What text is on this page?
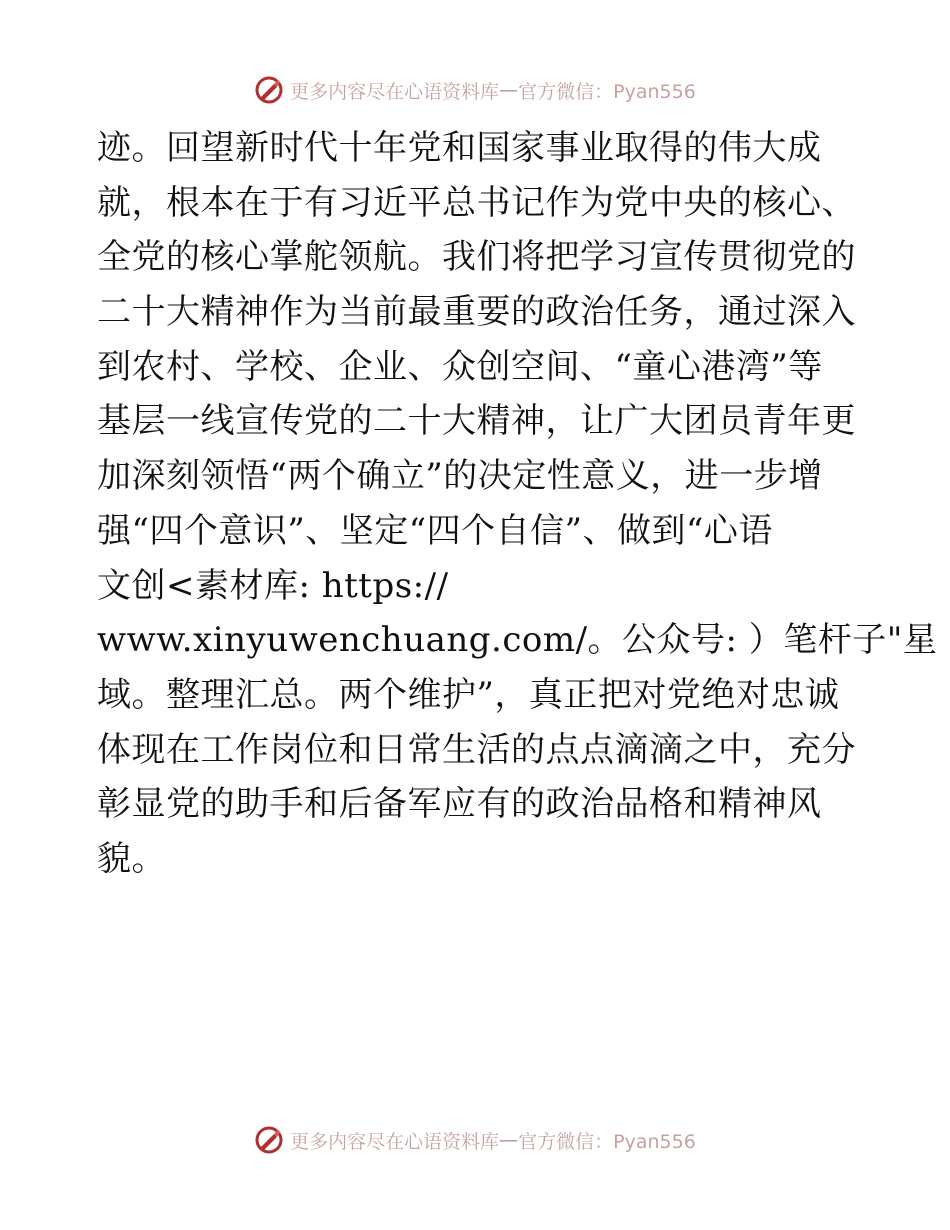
更多内容尽在心语资料库 — 官方微信：Pyan556
迹。回望新时代十年党和国家事业取得的伟大成
就，根本在于有习近平总书记作为党中央的核心、
全党的核心掌舵领航。我们将把学习宣传贯彻党的
二十大精神作为当前最重要的政治任务，通过深入
到农村、学校、企业、众创空间、“童心港湾”等
基层一线宣传党的二十大精神，让广大团员青年更
加深刻领悟“两个确立”的决定性意义，进一步增
强“四个意识”、坚定“四个自信”、做到“心语
文创<素材库: https://
www.xinyuwenchuang.com/。公众号: ）笔杆子"星
域。整理汇总。两个维护”，真正把对党绝对忠诚
体现在工作岗位和日常生活的点点滴滴之中，充分
彰显党的助手和后备军应有的政治品格和精神风
貌。
更多内容尽在心语资料库 — 官方微信：Pyan556
